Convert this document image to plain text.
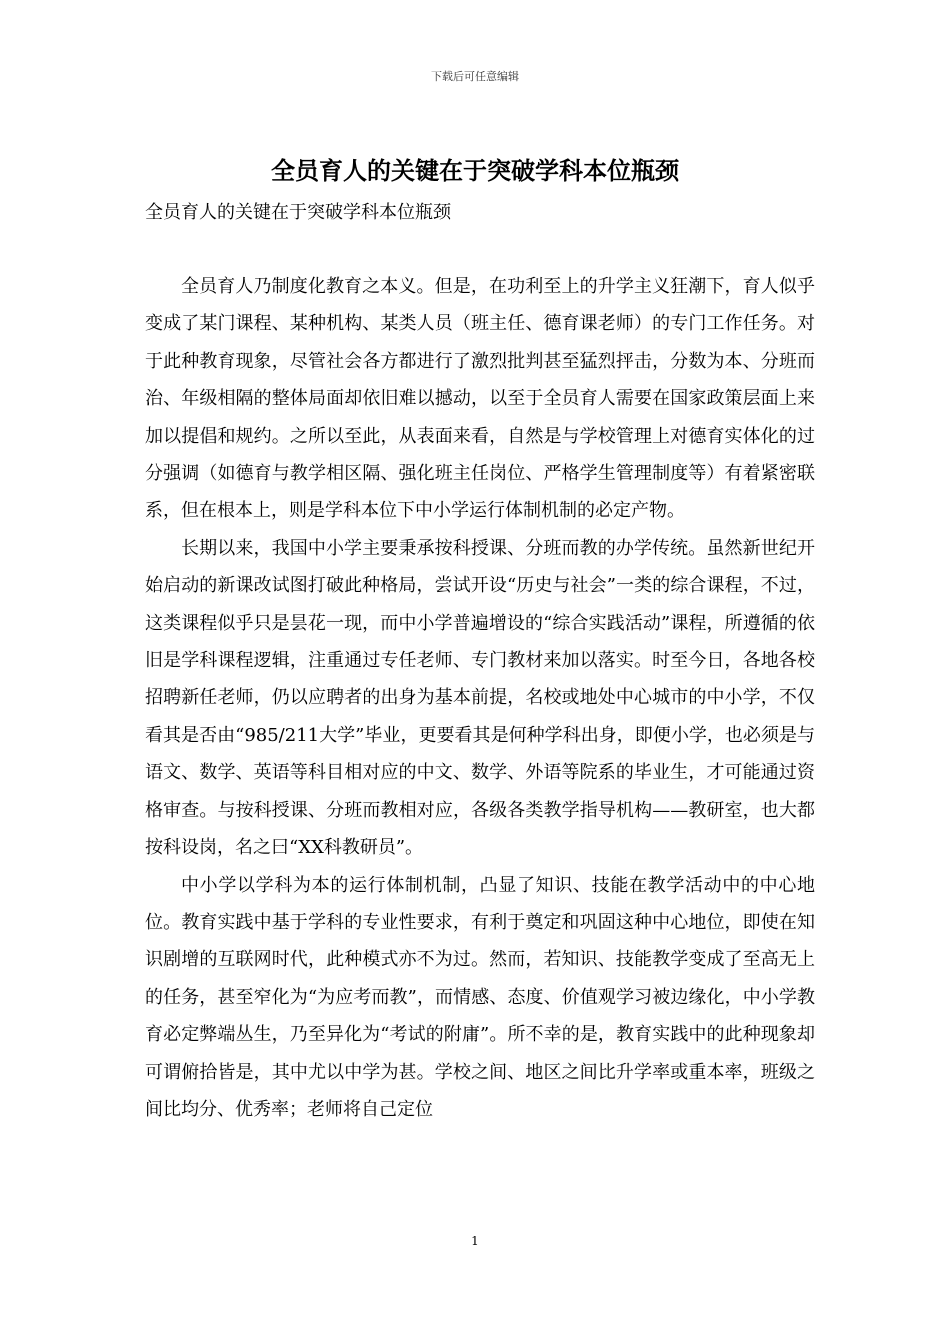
下载后可任意编辑
全员育人的关键在于突破学科本位瓶颈
全员育人的关键在于突破学科本位瓶颈

全员育人乃制度化教育之本义。但是，在功利至上的升学主义狂潮下，育人似乎变成了某门课程、某种机构、某类人员（班主任、德育课老师）的专门工作任务。对于此种教育现象，尽管社会各方都进行了激烈批判甚至猛烈抨击，分数为本、分班而治、年级相隔的整体局面却依旧难以撼动，以至于全员育人需要在国家政策层面上来加以提倡和规约。之所以至此，从表面来看，自然是与学校管理上对德育实体化的过分强调（如德育与教学相区隔、强化班主任岗位、严格学生管理制度等）有着紧密联系，但在根本上，则是学科本位下中小学运行体制机制的必定产物。

长期以来，我国中小学主要秉承按科授课、分班而教的办学传统。虽然新世纪开始启动的新课改试图打破此种格局，尝试开设“历史与社会”一类的综合课程，不过，这类课程似乎只是昙花一现，而中小学普遍增设的“综合实践活动”课程，所遵循的依旧是学科课程逻辑，注重通过专任老师、专门教材来加以落实。时至今日，各地各校招聘新任老师，仍以应聘者的出身为基本前提，名校或地处中心城市的中小学，不仅看其是否由“985/211大学”毕业，更要看其是何种学科出身，即便小学，也必须是与语文、数学、英语等科目相对应的中文、数学、外语等院系的毕业生，才可能通过资格审查。与按科授课、分班而教相对应，各级各类教学指导机构——教研室，也大都按科设岗，名之曰“XX科教研员”。

中小学以学科为本的运行体制机制，凸显了知识、技能在教学活动中的中心地位。教育实践中基于学科的专业性要求，有利于奠定和巩固这种中心地位，即使在知识剧增的互联网时代，此种模式亦不为过。然而，若知识、技能教学变成了至高无上的任务，甚至窄化为“为应考而教”，而情感、态度、价值观学习被边缘化，中小学教育必定弊端丛生，乃至异化为“考试的附庸”。所不幸的是，教育实践中的此种现象却可谓俯拾皆是，其中尤以中学为甚。学校之间、地区之间比升学率或重本率，班级之间比均分、优秀率；老师将自己定位

1
